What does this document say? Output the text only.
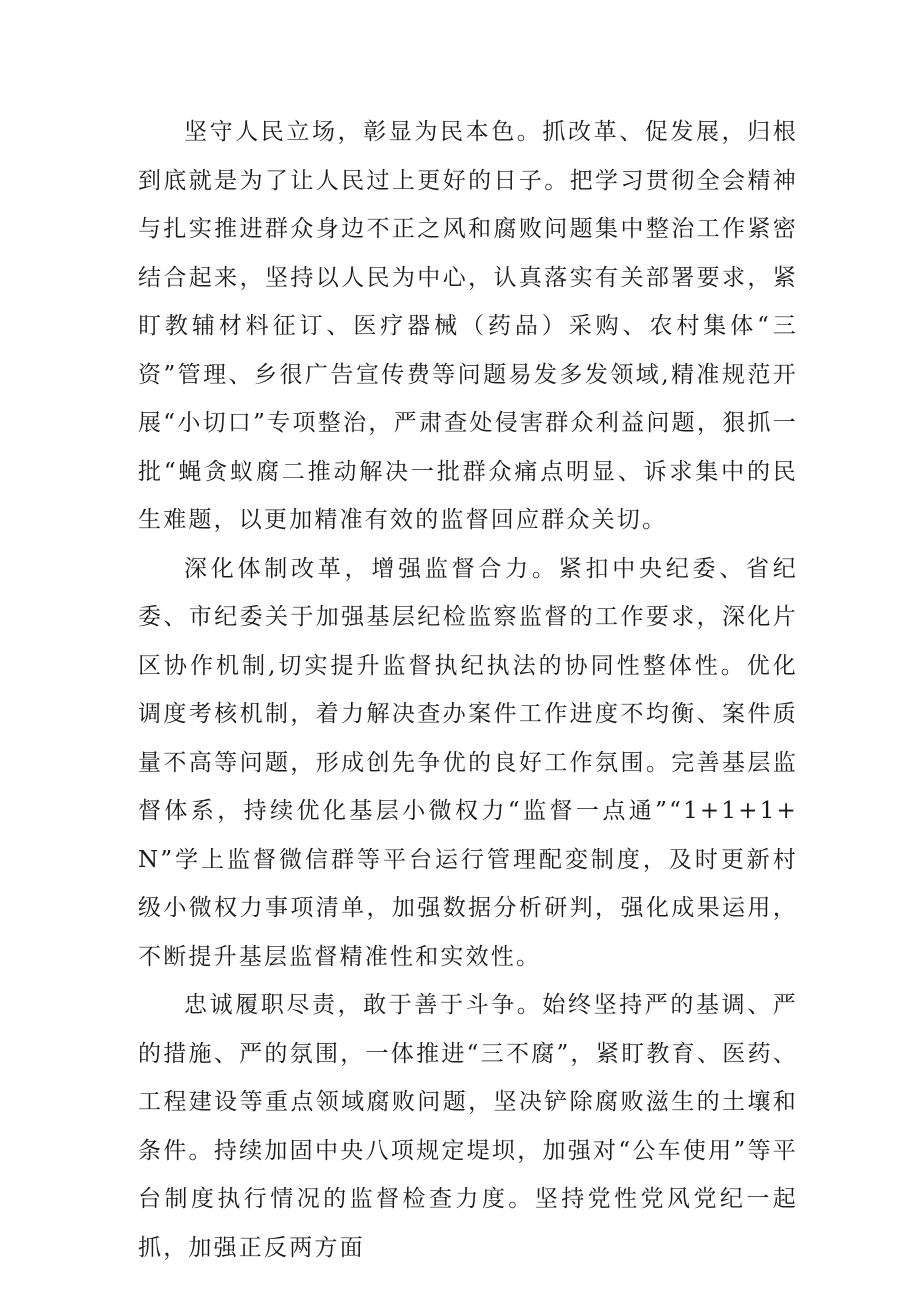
坚守人民立场，彰显为民本色。抓改革、促发展，归根到底就是为了让人民过上更好的日子。把学习贯彻全会精神与扎实推进群众身边不正之风和腐败问题集中整治工作紧密结合起来，坚持以人民为中心，认真落实有关部署要求，紧盯教辅材料征订、医疗器械（药品）采购、农村集体“三资”管理、乡很广告宣传费等问题易发多发领域,精准规范开展“小切口”专项整治，严肃查处侵害群众利益问题，狠抓一批“蝇贪蚁腐二推动解决一批群众痛点明显、诉求集中的民生难题，以更加精准有效的监督回应群众关切。

深化体制改革，增强监督合力。紧扣中央纪委、省纪委、市纪委关于加强基层纪检监察监督的工作要求，深化片区协作机制,切实提升监督执纪执法的协同性整体性。优化调度考核机制，着力解决查办案件工作进度不均衡、案件质量不高等问题，形成创先争优的良好工作氛围。完善基层监督体系，持续优化基层小微权力“监督一点通”“1+1+1+N”学上监督微信群等平台运行管理配変制度，及时更新村级小微权力事项清单，加强数据分析研判，强化成果运用，不断提升基层监督精准性和实效性。

忠诚履职尽责，敢于善于斗争。始终坚持严的基调、严的措施、严的氛围，一体推进“三不腐”，紧盯教育、医药、工程建设等重点领域腐败问题，坚决铲除腐败滋生的土壤和条件。持续加固中央八项规定堤坝，加强对“公车使用”等平台制度执行情况的监督检查力度。坚持党性党风党纪一起抓，加强正反两方面
